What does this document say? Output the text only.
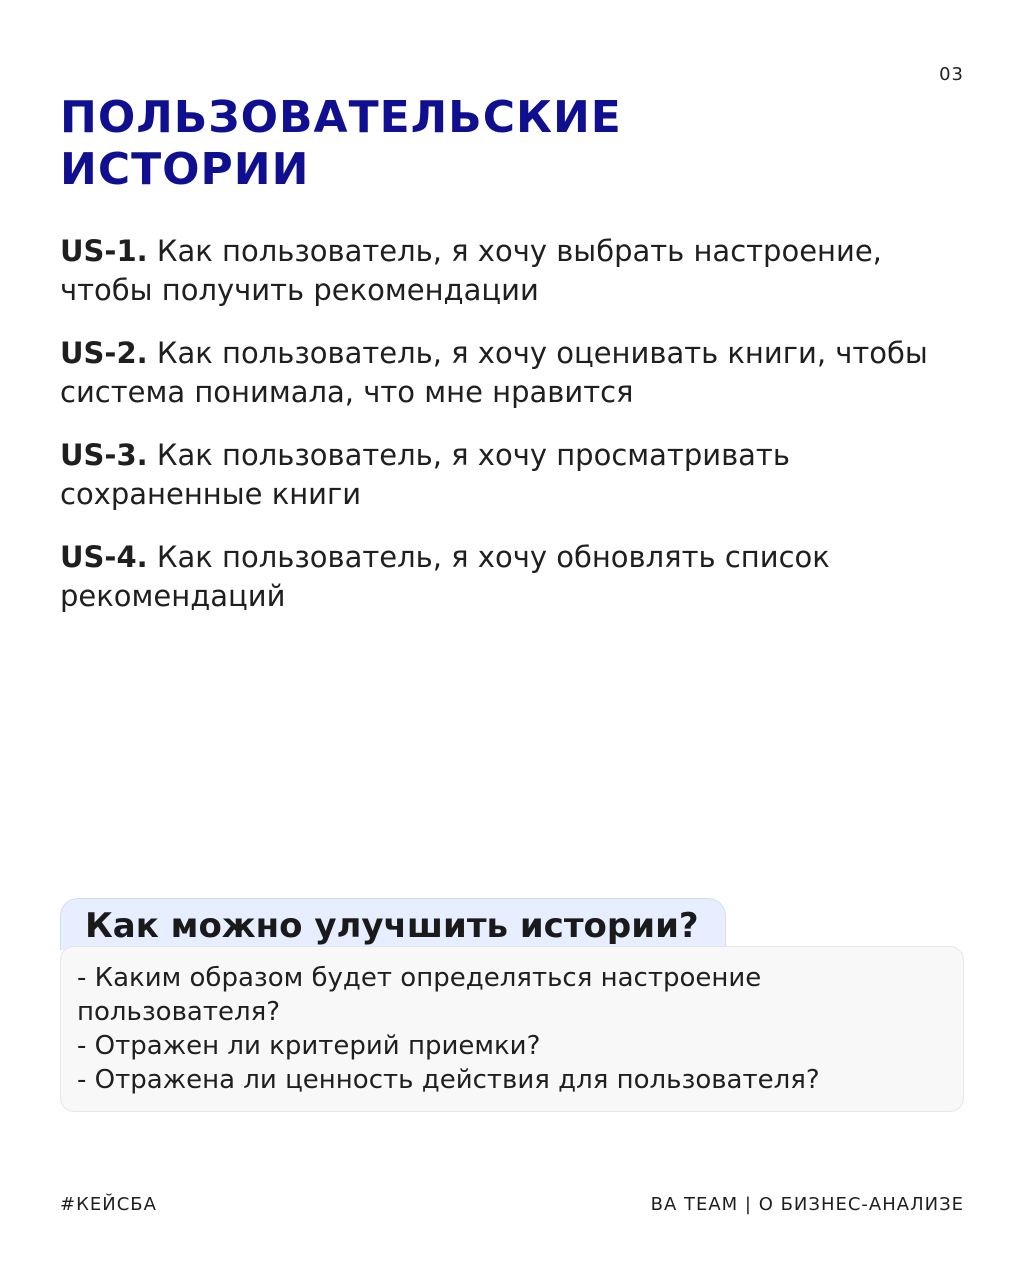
03
ПОЛЬЗОВАТЕЛЬСКИЕ
ИСТОРИИ

US-1. Как пользователь, я хочу выбрать настроение, чтобы получить рекомендации

US-2. Как пользователь, я хочу оценивать книги, чтобы система понимала, что мне нравится

US-3. Как пользователь, я хочу просматривать сохраненные книги

US-4. Как пользователь, я хочу обновлять список рекомендаций

Как можно улучшить истории?

- Каким образом будет определяться настроение пользователя?

- Отражен ли критерий приемки?

- Отражена ли ценность действия для пользователя?

#КЕЙСБА	BA TEAM | О БИЗНЕС-АНАЛИЗЕ
